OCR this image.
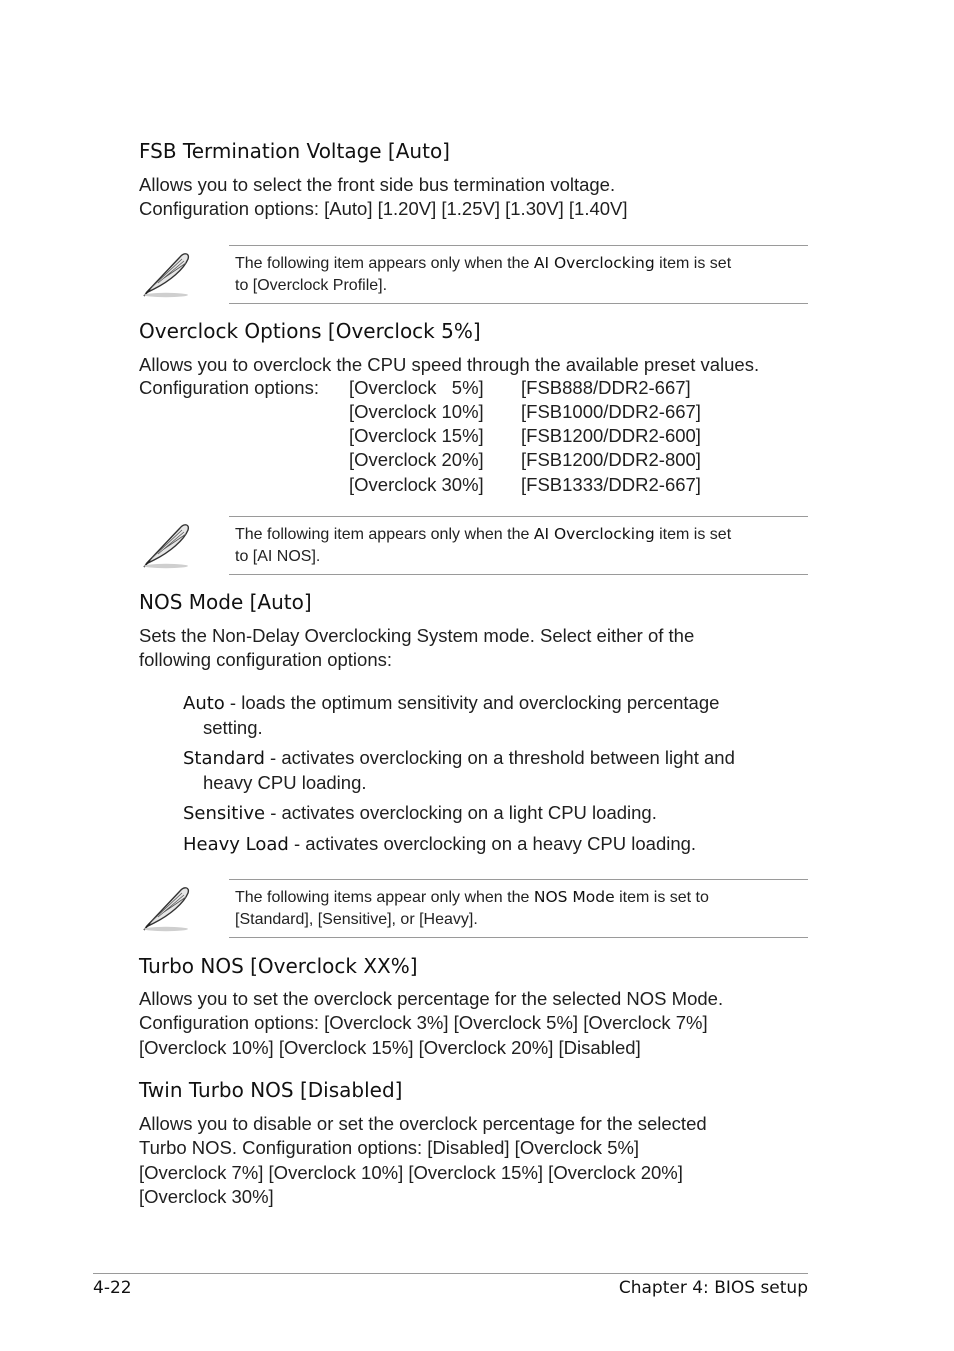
FSB Termination Voltage [Auto]
Allows you to select the front side bus termination voltage.
Configuration options: [Auto] [1.20V] [1.25V] [1.30V] [1.40V]
The following item appears only when the AI Overclocking item is set
to [Overclock Profile].
Overclock Options [Overclock 5%]
Allows you to overclock the CPU speed through the available preset values.
Configuration options: [Overclock   5%] [FSB888/DDR2-667]
[Overclock 10%] [FSB1000/DDR2-667]
[Overclock 15%] [FSB1200/DDR2-600]
[Overclock 20%] [FSB1200/DDR2-800]
[Overclock 30%] [FSB1333/DDR2-667]
The following item appears only when the AI Overclocking item is set
to [AI NOS].
NOS Mode [Auto]
Sets the Non-Delay Overclocking System mode. Select either of the
following configuration options:
Auto - loads the optimum sensitivity and overclocking percentage
setting.
Standard - activates overclocking on a threshold between light and
heavy CPU loading.
Sensitive - activates overclocking on a light CPU loading.
Heavy Load - activates overclocking on a heavy CPU loading.
The following items appear only when the NOS Mode item is set to
[Standard], [Sensitive], or [Heavy].
Turbo NOS [Overclock XX%]
Allows you to set the overclock percentage for the selected NOS Mode.
Configuration options: [Overclock 3%] [Overclock 5%] [Overclock 7%]
[Overclock 10%] [Overclock 15%] [Overclock 20%] [Disabled]
Twin Turbo NOS [Disabled]
Allows you to disable or set the overclock percentage for the selected
Turbo NOS. Configuration options: [Disabled] [Overclock 5%]
[Overclock 7%] [Overclock 10%] [Overclock 15%] [Overclock 20%]
[Overclock 30%]
4-22	Chapter 4: BIOS setup
